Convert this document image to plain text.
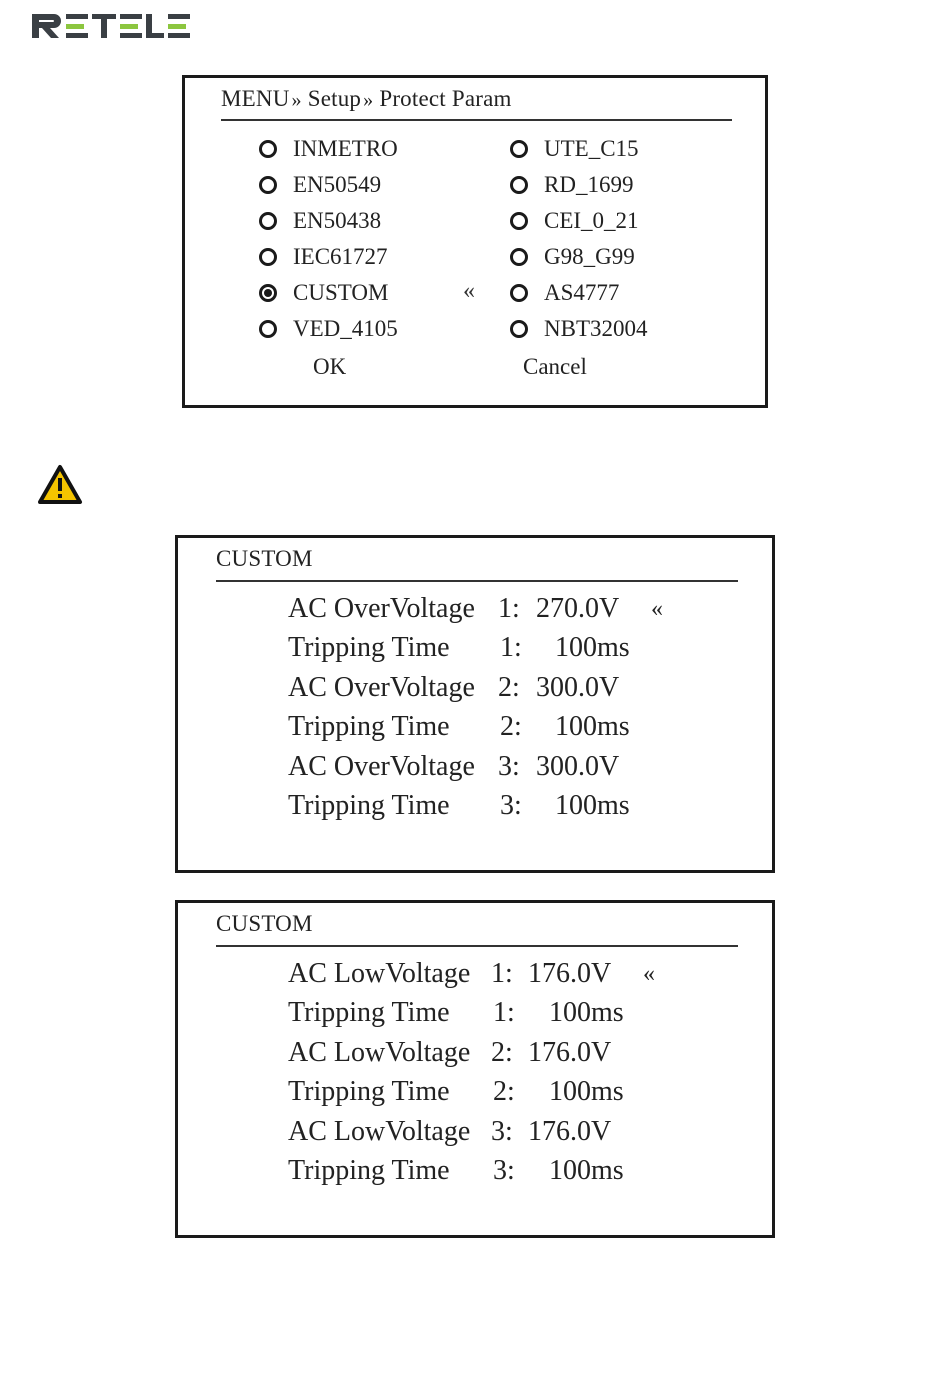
MENU » Setup » Protect Param
INMETRO
EN50549
EN50438
IEC61727
CUSTOM
VED_4105
«
UTE_C15
RD_1699
CEI_0_21
G98_G99
AS4777
NBT32004
OK	Cancel
CUSTOM
AC OverVoltage 1: 270.0V «
Tripping Time 1: 100ms
AC OverVoltage 2: 300.0V
Tripping Time 2: 100ms
AC OverVoltage 3: 300.0V
Tripping Time 3: 100ms
CUSTOM
AC LowVoltage 1: 176.0V «
Tripping Time 1: 100ms
AC LowVoltage 2: 176.0V
Tripping Time 2: 100ms
AC LowVoltage 3: 176.0V
Tripping Time 3: 100ms
